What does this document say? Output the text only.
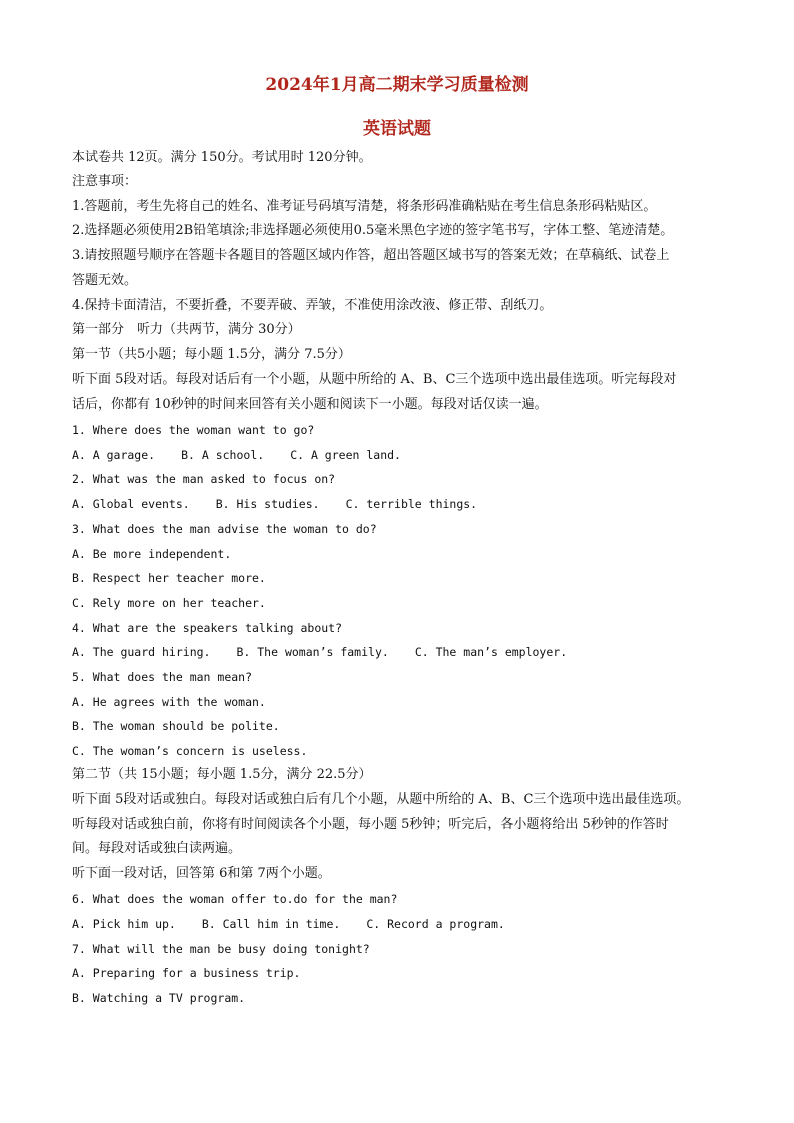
2024年1月高二期末学习质量检测
英语试题
本试卷共 12页。满分 150分。考试用时 120分钟。
注意事项：
1.答题前，考生先将自己的姓名、准考证号码填写清楚，将条形码准确粘贴在考生信息条形码粘贴区。
2.选择题必须使用2B铅笔填涂;非选择题必须使用0.5毫米黑色字迹的签字笔书写，字体工整、笔迹清楚。
3.请按照题号顺序在答题卡各题目的答题区域内作答，超出答题区域书写的答案无效；在草稿纸、试卷上
答题无效。
4.保持卡面清洁，不要折叠，不要弄破、弄皱，不准使用涂改液、修正带、刮纸刀。
第一部分　听力（共两节，满分 30分）
第一节（共5小题；每小题 1.5分，满分 7.5分）
听下面 5段对话。每段对话后有一个小题，从题中所给的 A、B、C三个选项中选出最佳选项。听完每段对
话后，你都有 10秒钟的时间来回答有关小题和阅读下一小题。每段对话仅读一遍。
1. Where does the woman want to go?
A. A garage. B. A school. C. A green land.
2. What was the man asked to focus on?
A. Global events. B. His studies. C. terrible things.
3. What does the man advise the woman to do?
A. Be more independent.
B. Respect her teacher more.
C. Rely more on her teacher.
4. What are the speakers talking about?
A. The guard hiring. B. The woman’s family. C. The man’s employer.
5. What does the man mean?
A. He agrees with the woman.
B. The woman should be polite.
C. The woman’s concern is useless.
第二节（共 15小题；每小题 1.5分，满分 22.5分）
听下面 5段对话或独白。每段对话或独白后有几个小题，从题中所给的 A、B、C三个选项中选出最佳选项。
听每段对话或独白前，你将有时间阅读各个小题，每小题 5秒钟；听完后，各小题将给出 5秒钟的作答时
间。每段对话或独白读两遍。
听下面一段对话，回答第 6和第 7两个小题。
6. What does the woman offer to.do for the man?
A. Pick him up. B. Call him in time. C. Record a program.
7. What will the man be busy doing tonight?
A. Preparing for a business trip.
B. Watching a TV program.
